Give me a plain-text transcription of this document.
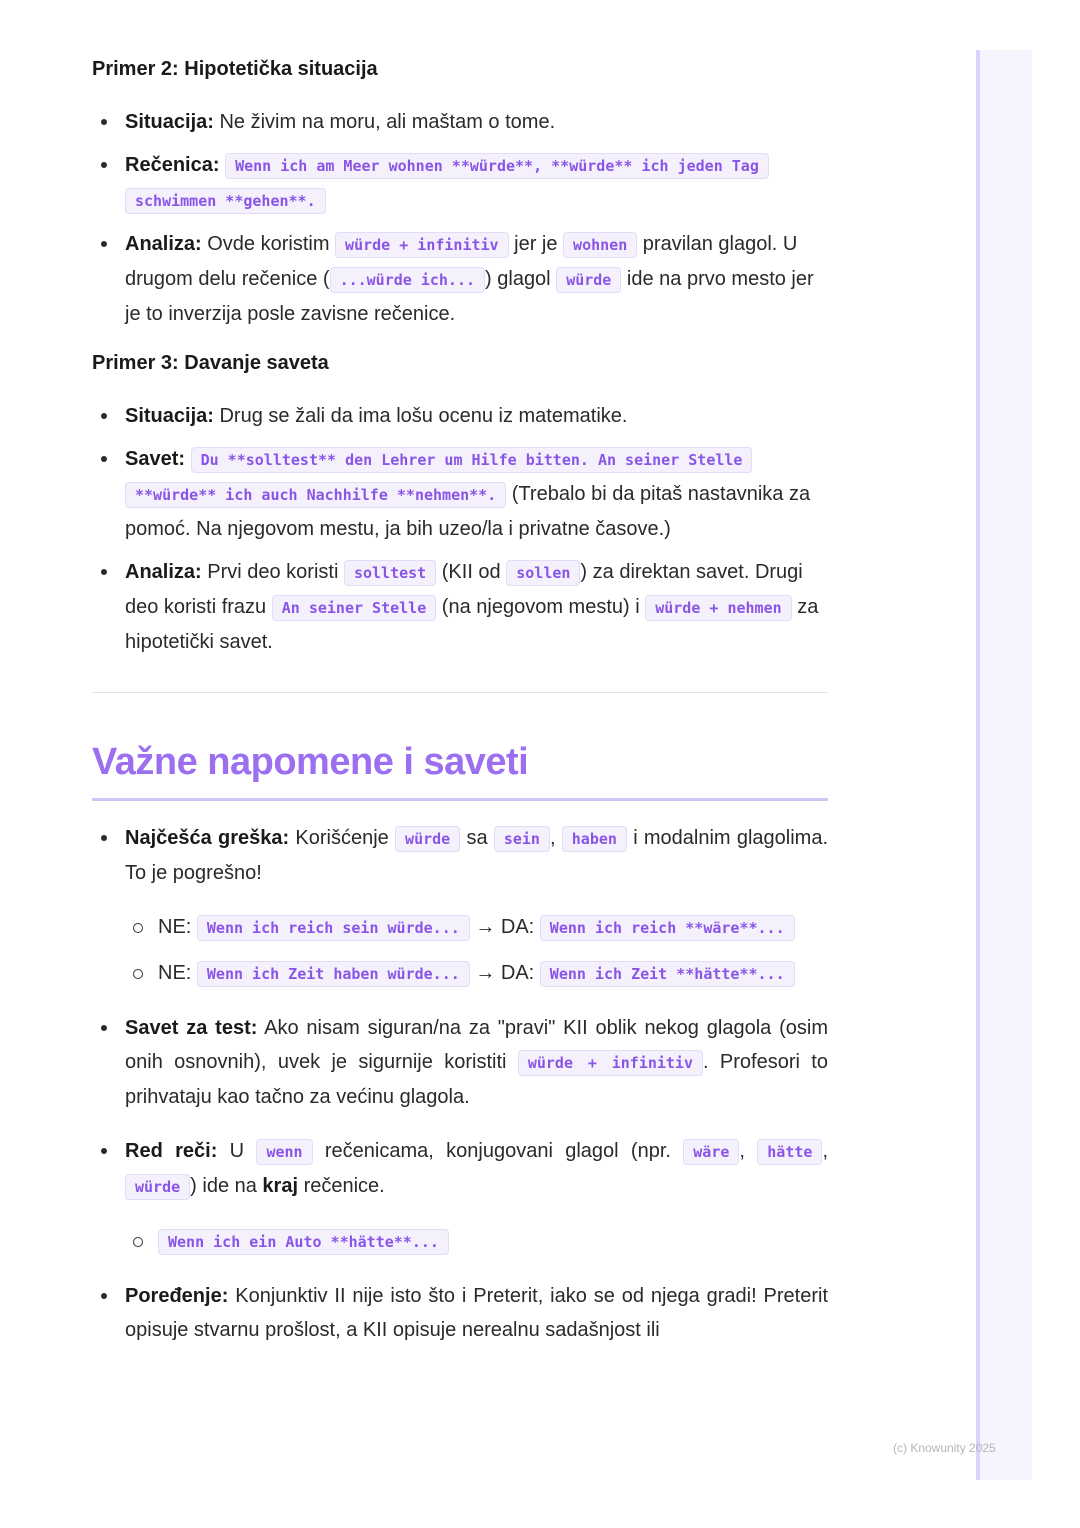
(c) Knowunity 2025
Primer 2: Hipotetička situacija
Situacija: Ne živim na moru, ali maštam o tome.
Rečenica: Wenn ich am Meer wohnen **würde**, **würde** ich jeden Tag schwimmen **gehen**.
Analiza: Ovde koristim würde + infinitiv jer je wohnen pravilan glagol. U drugom delu rečenice ( ...würde ich... ) glagol würde ide na prvo mesto jer je to inverzija posle zavisne rečenice.
Primer 3: Davanje saveta
Situacija: Drug se žali da ima lošu ocenu iz matematike.
Savet: Du **solltest** den Lehrer um Hilfe bitten. An seiner Stelle **würde** ich auch Nachhilfe **nehmen**. (Trebalo bi da pitaš nastavnika za pomoć. Na njegovom mestu, ja bih uzeo/la i privatne časove.)
Analiza: Prvi deo koristi solltest (KII od sollen ) za direktan savet. Drugi deo koristi frazu An seiner Stelle (na njegovom mestu) i würde + nehmen za hipotetički savet.
Važne napomene i saveti
Najčešća greška: Korišćenje würde sa sein , haben i modalnim glagolima. To je pogrešno!
NE: Wenn ich reich sein würde... → DA: Wenn ich reich **wäre**...
NE: Wenn ich Zeit haben würde... → DA: Wenn ich Zeit **hätte**...
Savet za test: Ako nisam siguran/na za "pravi" KII oblik nekog glagola (osim onih osnovnih), uvek je sigurnije koristiti würde + infinitiv . Profesori to prihvataju kao tačno za većinu glagola.
Red reči: U wenn rečenicama, konjugovani glagol (npr. wäre , hätte , würde ) ide na kraj rečenice.
Wenn ich ein Auto **hätte**...
Poređenje: Konjunktiv II nije isto što i Preterit, iako se od njega gradi! Preterit opisuje stvarnu prošlost, a KII opisuje nerealnu sadašnjost ili
